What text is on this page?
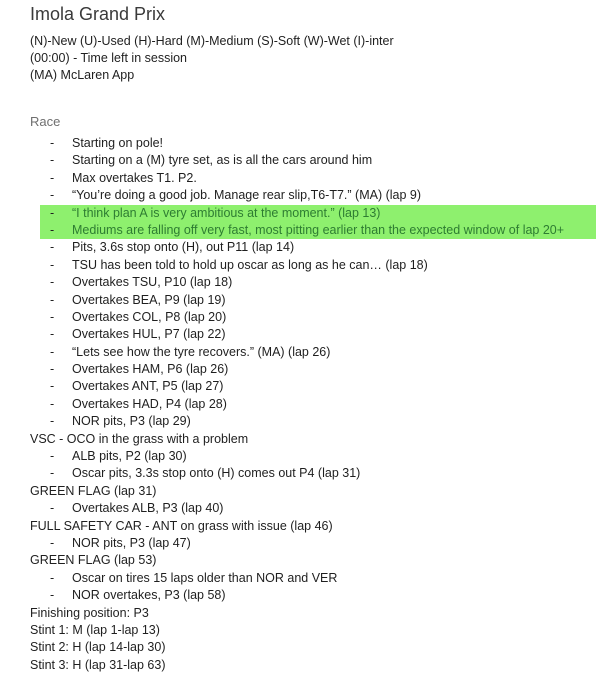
Imola Grand Prix
(N)-New (U)-Used (H)-Hard (M)-Medium (S)-Soft (W)-Wet (I)-inter
(00:00) - Time left in session
(MA) McLaren App
Race
- Starting on pole!
- Starting on a (M) tyre set, as is all the cars around him
- Max overtakes T1. P2.
- “You’re doing a good job. Manage rear slip,T6-T7.” (MA) (lap 9)
- “I think plan A is very ambitious at the moment.” (lap 13)
- Mediums are falling off very fast, most pitting earlier than the expected window of lap 20+
- Pits, 3.6s stop onto (H), out P11 (lap 14)
- TSU has been told to hold up oscar as long as he can… (lap 18)
- Overtakes TSU, P10 (lap 18)
- Overtakes BEA, P9 (lap 19)
- Overtakes COL, P8 (lap 20)
- Overtakes HUL, P7 (lap 22)
- “Lets see how the tyre recovers.” (MA) (lap 26)
- Overtakes HAM, P6 (lap 26)
- Overtakes ANT, P5 (lap 27)
- Overtakes HAD, P4 (lap 28)
- NOR pits, P3 (lap 29)
VSC - OCO in the grass with a problem
- ALB pits, P2 (lap 30)
- Oscar pits, 3.3s stop onto (H) comes out P4 (lap 31)
GREEN FLAG (lap 31)
- Overtakes ALB, P3 (lap 40)
FULL SAFETY CAR - ANT on grass with issue (lap 46)
- NOR pits, P3 (lap 47)
GREEN FLAG (lap 53)
- Oscar on tires 15 laps older than NOR and VER
- NOR overtakes, P3 (lap 58)
Finishing position: P3
Stint 1: M (lap 1-lap 13)
Stint 2: H (lap 14-lap 30)
Stint 3: H (lap 31-lap 63)
